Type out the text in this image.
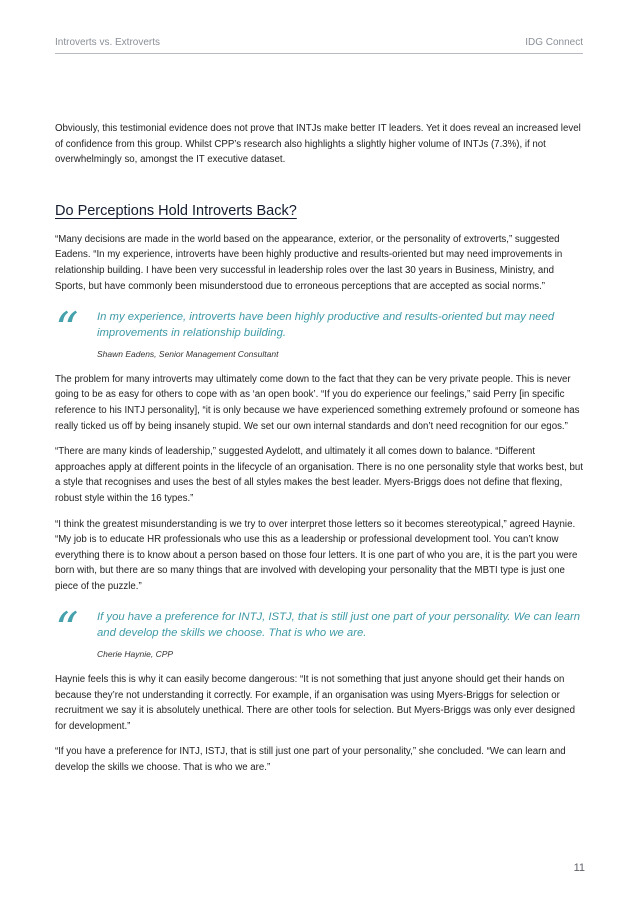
Introverts vs. Extroverts	IDG Connect

Obviously, this testimonial evidence does not prove that INTJs make better IT leaders. Yet it does reveal an increased level of confidence from this group. Whilst CPP’s research also highlights a slightly higher volume of INTJs (7.3%), if not overwhelmingly so, amongst the IT executive dataset.

Do Perceptions Hold Introverts Back?

“Many decisions are made in the world based on the appearance, exterior, or the personality of extroverts,” suggested Eadens. “In my experience, introverts have been highly productive and results-oriented but may need improvements in relationship building. I have been very successful in leadership roles over the last 30 years in Business, Ministry, and Sports, but have commonly been misunderstood due to erroneous perceptions that are accepted as social norms.”

“ In my experience, introverts have been highly productive and results-oriented but may need improvements in relationship building.
Shawn Eadens, Senior Management Consultant

The problem for many introverts may ultimately come down to the fact that they can be very private people. This is never going to be as easy for others to cope with as ‘an open book’. “If you do experience our feelings,” said Perry [in specific reference to his INTJ personality], “it is only because we have experienced something extremely profound or someone has really ticked us off by being insanely stupid. We set our own internal standards and don’t need recognition for our egos.”

“There are many kinds of leadership,” suggested Aydelott, and ultimately it all comes down to balance. “Different approaches apply at different points in the lifecycle of an organisation. There is no one personality style that works best, but a style that recognises and uses the best of all styles makes the best leader. Myers-Briggs does not define that flexing, robust style within the 16 types.”

“I think the greatest misunderstanding is we try to over interpret those letters so it becomes stereotypical,” agreed Haynie. “My job is to educate HR professionals who use this as a leadership or professional development tool. You can’t know everything there is to know about a person based on those four letters. It is one part of who you are, it is the part you were born with, but there are so many things that are involved with developing your personality that the MBTI type is just one piece of the puzzle.”

“ If you have a preference for INTJ, ISTJ, that is still just one part of your personality. We can learn and develop the skills we choose. That is who we are.
Cherie Haynie, CPP

Haynie feels this is why it can easily become dangerous: “It is not something that just anyone should get their hands on because they’re not understanding it correctly. For example, if an organisation was using Myers-Briggs for selection or recruitment we say it is absolutely unethical. There are other tools for selection. But Myers-Briggs was only ever designed for development.”

“If you have a preference for INTJ, ISTJ, that is still just one part of your personality,” she concluded. “We can learn and develop the skills we choose. That is who we are.”

11
